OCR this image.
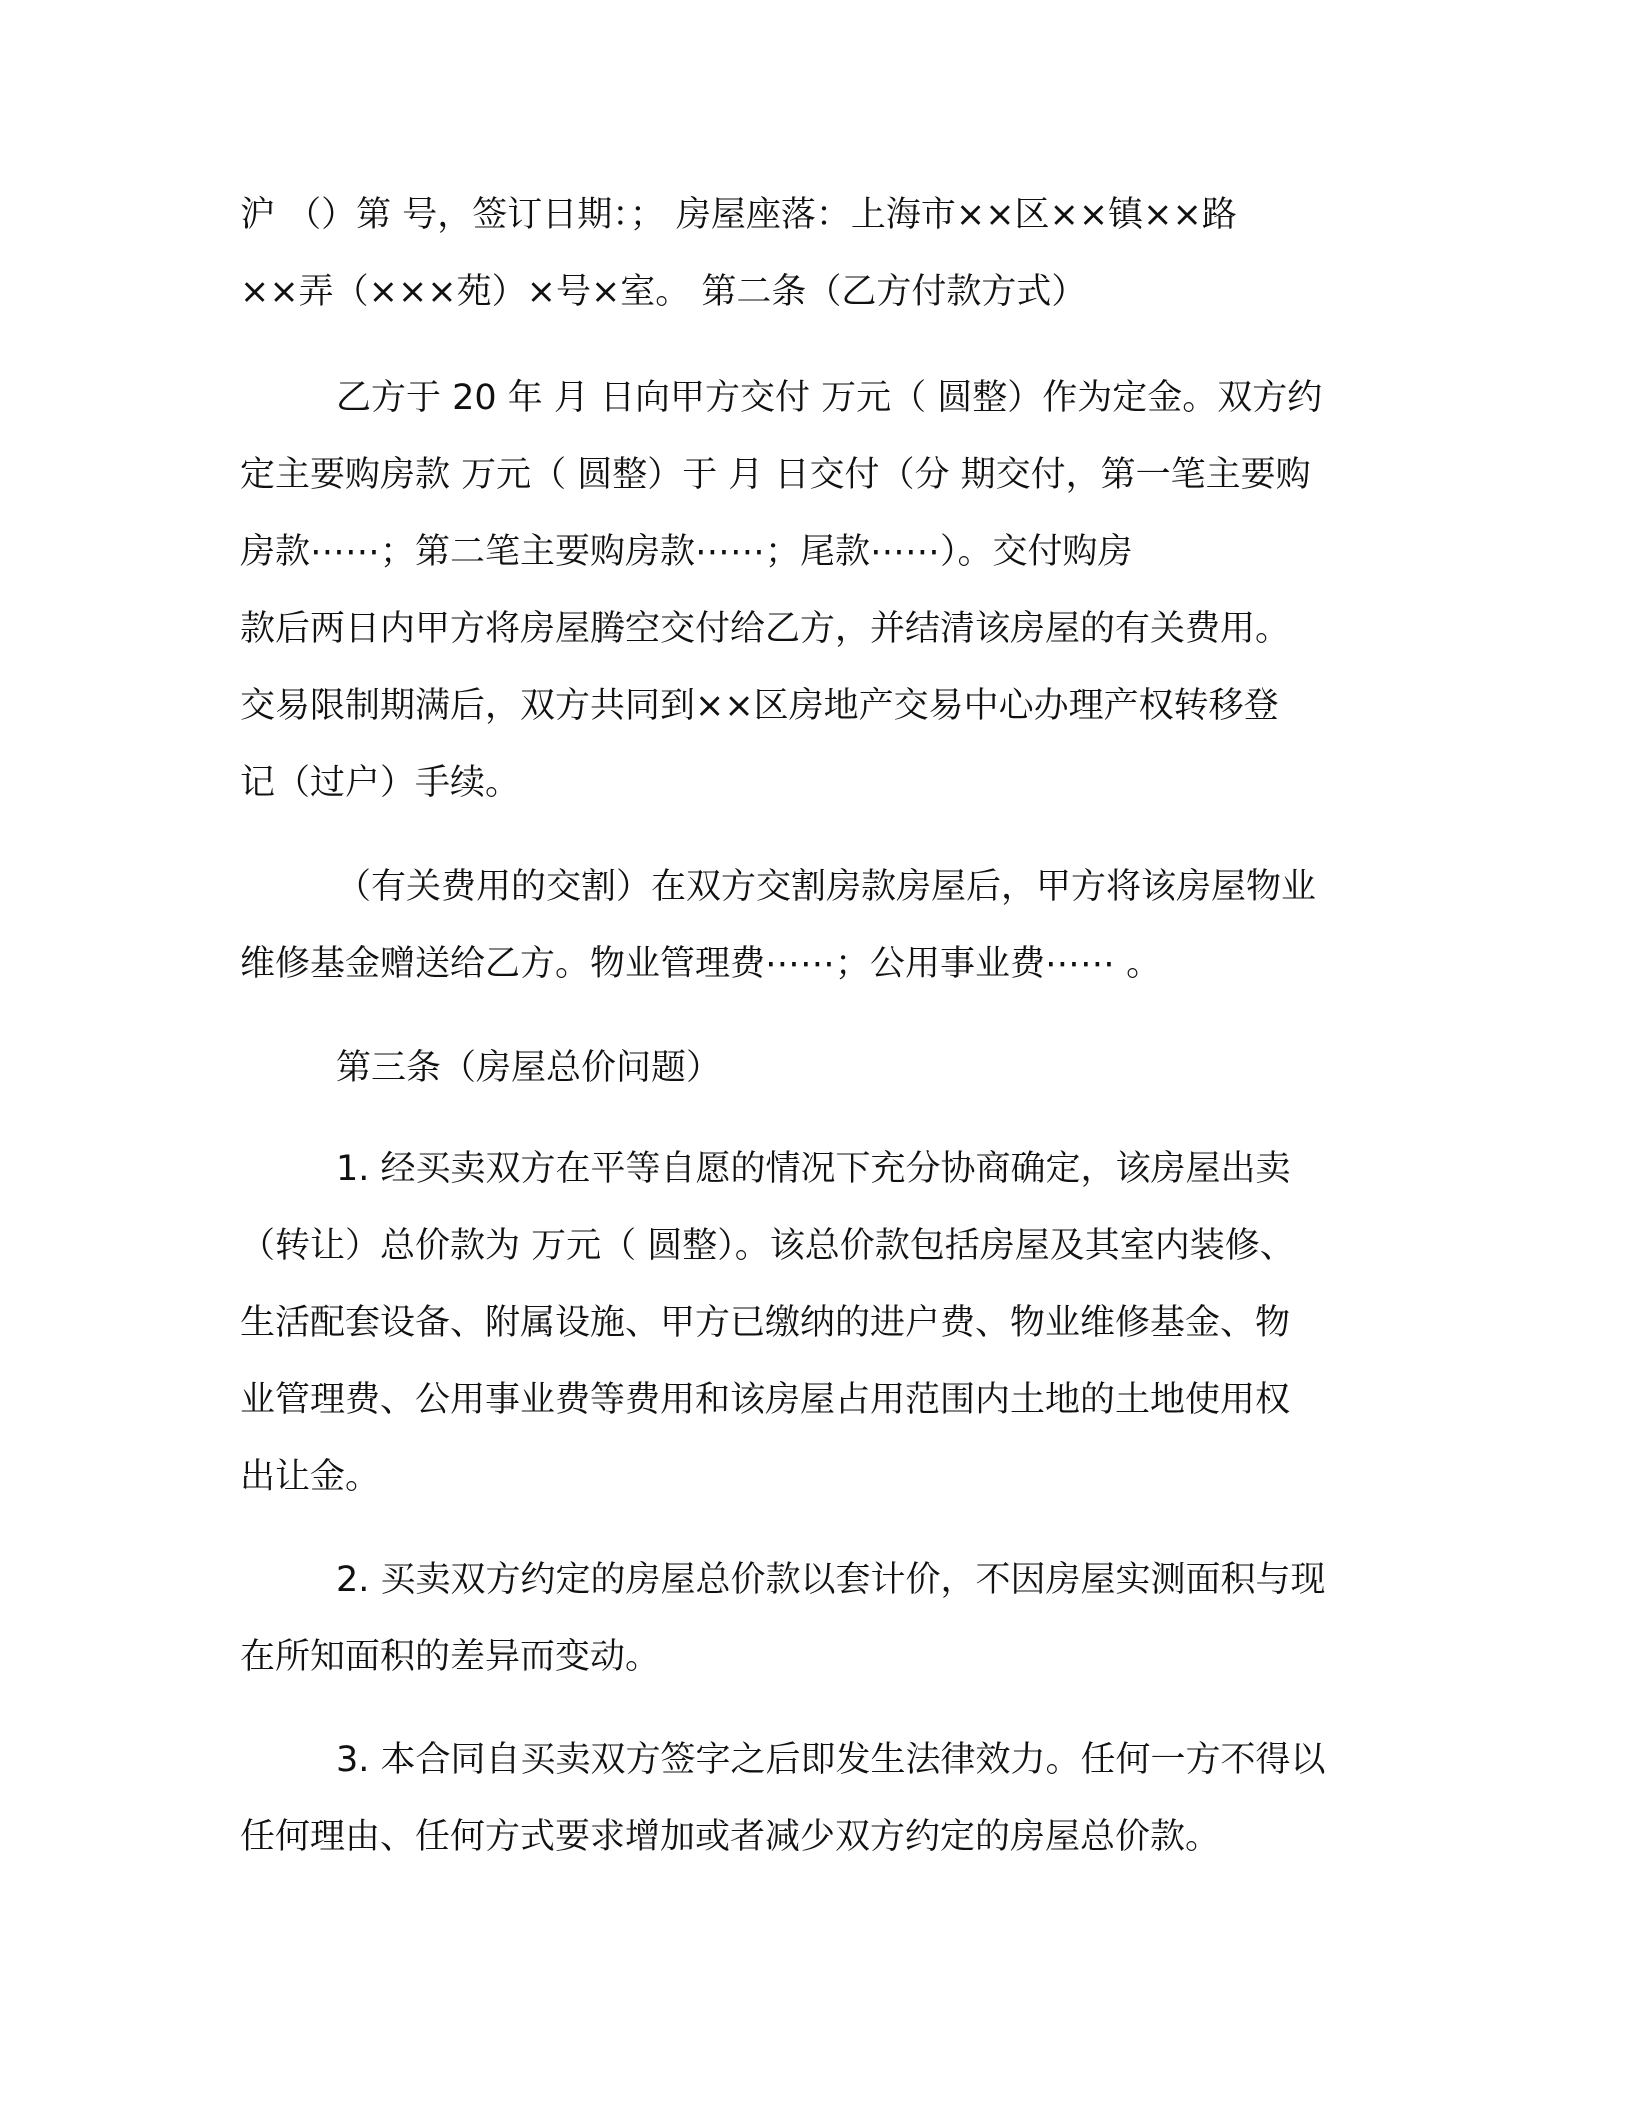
沪 （）第 号，签订日期：； 房屋座落：上海市××区××镇××路
××弄（×××苑）×号×室。 第二条（乙方付款方式）
乙方于 20 年 月 日向甲方交付 万元（ 圆整）作为定金。双方约
定主要购房款 万元（ 圆整）于 月 日交付（分 期交付，第一笔主要购
房款⋯⋯；第二笔主要购房款⋯⋯；尾款⋯⋯）。交付购房
款后两日内甲方将房屋腾空交付给乙方，并结清该房屋的有关费用。
交易限制期满后，双方共同到××区房地产交易中心办理产权转移登
记（过户）手续。
（有关费用的交割）在双方交割房款房屋后，甲方将该房屋物业
维修基金赠送给乙方。物业管理费⋯⋯；公用事业费⋯⋯ 。
第三条（房屋总价问题）
1. 经买卖双方在平等自愿的情况下充分协商确定，该房屋出卖
（转让）总价款为 万元（ 圆整）。该总价款包括房屋及其室内装修、
生活配套设备、附属设施、甲方已缴纳的进户费、物业维修基金、物
业管理费、公用事业费等费用和该房屋占用范围内土地的土地使用权
出让金。
2. 买卖双方约定的房屋总价款以套计价，不因房屋实测面积与现
在所知面积的差异而变动。
3. 本合同自买卖双方签字之后即发生法律效力。任何一方不得以
任何理由、任何方式要求增加或者减少双方约定的房屋总价款。
